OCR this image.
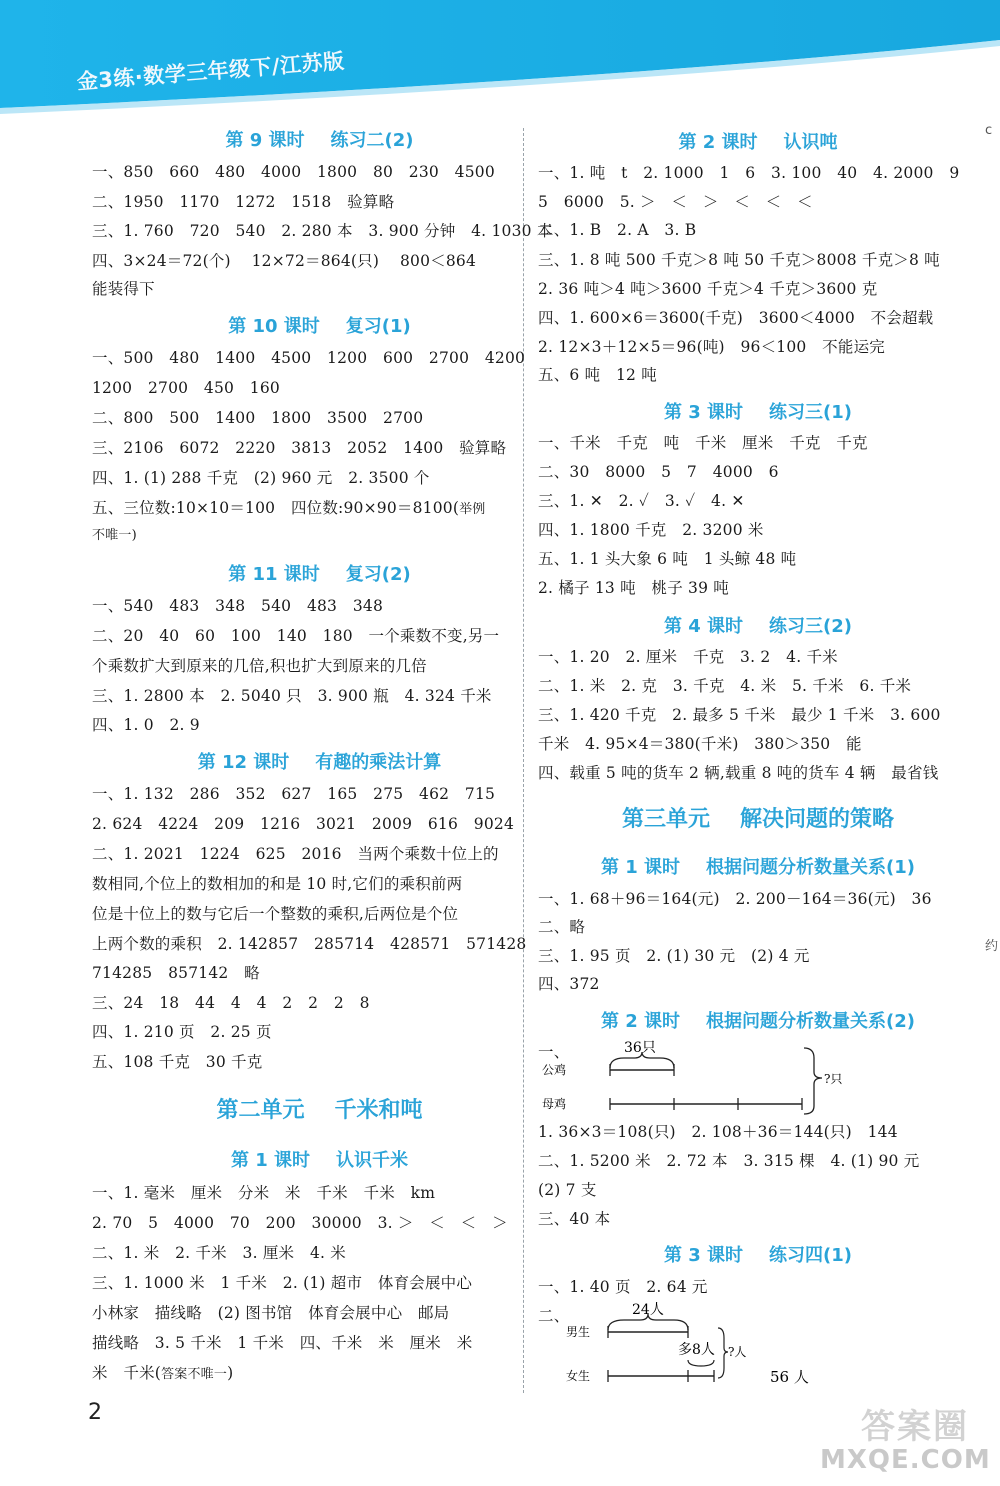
金3练·数学三年级下/江苏版
第 9 课时 练习二(2)
一、850　660　480　4000　1800　80　230　4500
二、1950　1170　1272　1518　验算略
三、1. 760　720　540　2. 280 本　3. 900 分钟　4. 1030 本
四、3×24＝72(个)　 12×72＝864(只)　 800＜864
能装得下
第 10 课时 复习(1)
一、500　480　1400　4500　1200　600　2700　4200
1200　2700　450　160
二、800　500　1400　1800　3500　2700
三、2106　6072　2220　3813　2052　1400　验算略
四、1. (1) 288 千克　(2) 960 元　2. 3500 个
五、三位数:10×10＝100　四位数:90×90＝8100(举例
不唯一)
第 11 课时 复习(2)
一、540　483　348　540　483　348
二、20　40　60　100　140　180　一个乘数不变,另一
个乘数扩大到原来的几倍,积也扩大到原来的几倍
三、1. 2800 本　2. 5040 只　3. 900 瓶　4. 324 千米
四、1. 0　2. 9
第 12 课时 有趣的乘法计算
一、1. 132　286　352　627　165　275　462　715
2. 624　4224　209　1216　3021　2009　616　9024
二、1. 2021　1224　625　2016　当两个乘数十位上的
数相同,个位上的数相加的和是 10 时,它们的乘积前两
位是十位上的数与它后一个整数的乘积,后两位是个位
上两个数的乘积　2. 142857　285714　428571　571428
714285　857142　略
三、24　18　44　4　4　2　2　2　8
四、1. 210 页　2. 25 页
五、108 千克　30 千克
第二单元 千米和吨
第 1 课时 认识千米
一、1. 毫米　厘米　分米　米　千米　千米　km
2. 70　5　4000　70　200　30000　3. ＞　＜　＜　＞
二、1. 米　2. 千米　3. 厘米　4. 米
三、1. 1000 米　1 千米　2. (1) 超市　体育会展中心
小林家　描线略　(2) 图书馆　体育会展中心　邮局
描线略　3. 5 千米　1 千米　四、千米　米　厘米　米
米　千米(答案不唯一)
第 2 课时 认识吨
一、1. 吨　t　2. 1000　1　6　3. 100　40　4. 2000　9
5　6000　5. ＞　＜　＞　＜　＜　＜
二、1. B　2. A　3. B
三、1. 8 吨 500 千克＞8 吨 50 千克＞8008 千克＞8 吨
2. 36 吨＞4 吨＞3600 千克＞4 千克＞3600 克
四、1. 600×6＝3600(千克)　3600＜4000　不会超载
2. 12×3＋12×5＝96(吨)　96＜100　不能运完
五、6 吨　12 吨
第 3 课时 练习三(1)
一、千米　千克　吨　千米　厘米　千克　千克
二、30　8000　5　7　4000　6
三、1. ✕　2. ✓　3. ✓　4. ✕
四、1. 1800 千克　2. 3200 米
五、1. 1 头大象 6 吨　1 头鲸 48 吨
2. 橘子 13 吨　桃子 39 吨
第 4 课时 练习三(2)
一、1. 20　2. 厘米　千克　3. 2　4. 千米
二、1. 米　2. 克　3. 千克　4. 米　5. 千米　6. 千米
三、1. 420 千克　2. 最多 5 千米　最少 1 千米　3. 600
千米　4. 95×4＝380(千米)　380＞350　能
四、载重 5 吨的货车 2 辆,载重 8 吨的货车 4 辆　最省钱
第三单元 解决问题的策略
第 1 课时 根据问题分析数量关系(1)
一、1. 68＋96＝164(元)　2. 200－164＝36(元)　36
二、略
三、1. 95 页　2. (1) 30 元　(2) 4 元
四、372
第 2 课时 根据问题分析数量关系(2)
一、	36只
公鸡
母鸡
?只
1. 36×3＝108(只)　2. 108＋36＝144(只)　144
二、1. 5200 米　2. 72 本　3. 315 棵　4. (1) 90 元
(2) 7 支
三、40 本
第 3 课时 练习四(1)
一、1. 40 页　2. 64 元
二、	24人
男生
多8人
女生
?人
56 人
c
约
2	答案圈
MXQE.COM
